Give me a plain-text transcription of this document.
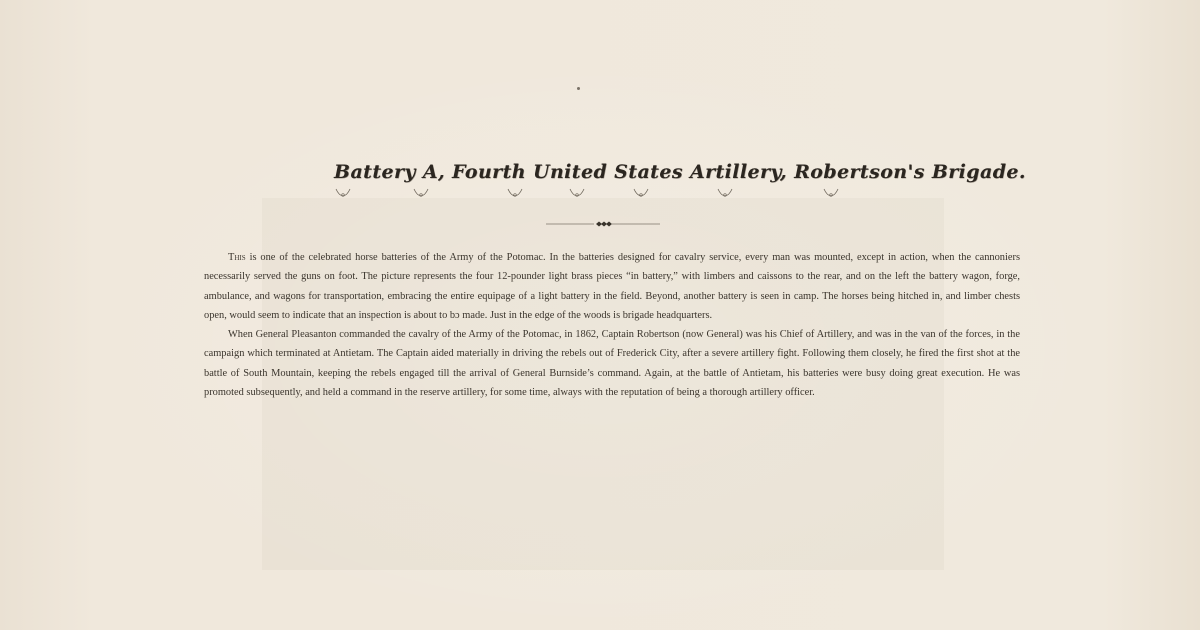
Battery A, Fourth United States Artillery, Robertson's Brigade.

This is one of the celebrated horse batteries of the Army of the Potomac. In the batteries designed for cavalry service, every man was mounted, except in action, when the cannoniers necessarily served the guns on foot. The picture represents the four 12-pounder light brass pieces “in battery,” with limbers and caissons to the rear, and on the left the battery wagon, forge, ambulance, and wagons for transportation, embracing the entire equipage of a light battery in the field. Beyond, another battery is seen in camp. The horses being hitched in, and limber chests open, would seem to indicate that an inspection is about to bɔ made. Just in the edge of the woods is brigade headquarters.

When General Pleasanton commanded the cavalry of the Army of the Potomac, in 1862, Captain Robertson (now General) was his Chief of Artillery, and was in the van of the forces, in the campaign which terminated at Antietam. The Captain aided materially in driving the rebels out of Frederick City, after a severe artillery fight. Following them closely, he fired the first shot at the battle of South Mountain, keeping the rebels engaged till the arrival of General Burnside’s command. Again, at the battle of Antietam, his batteries were busy doing great execution. He was promoted subsequently, and held a command in the reserve artillery, for some time, always with the reputation of being a thorough artillery officer.
